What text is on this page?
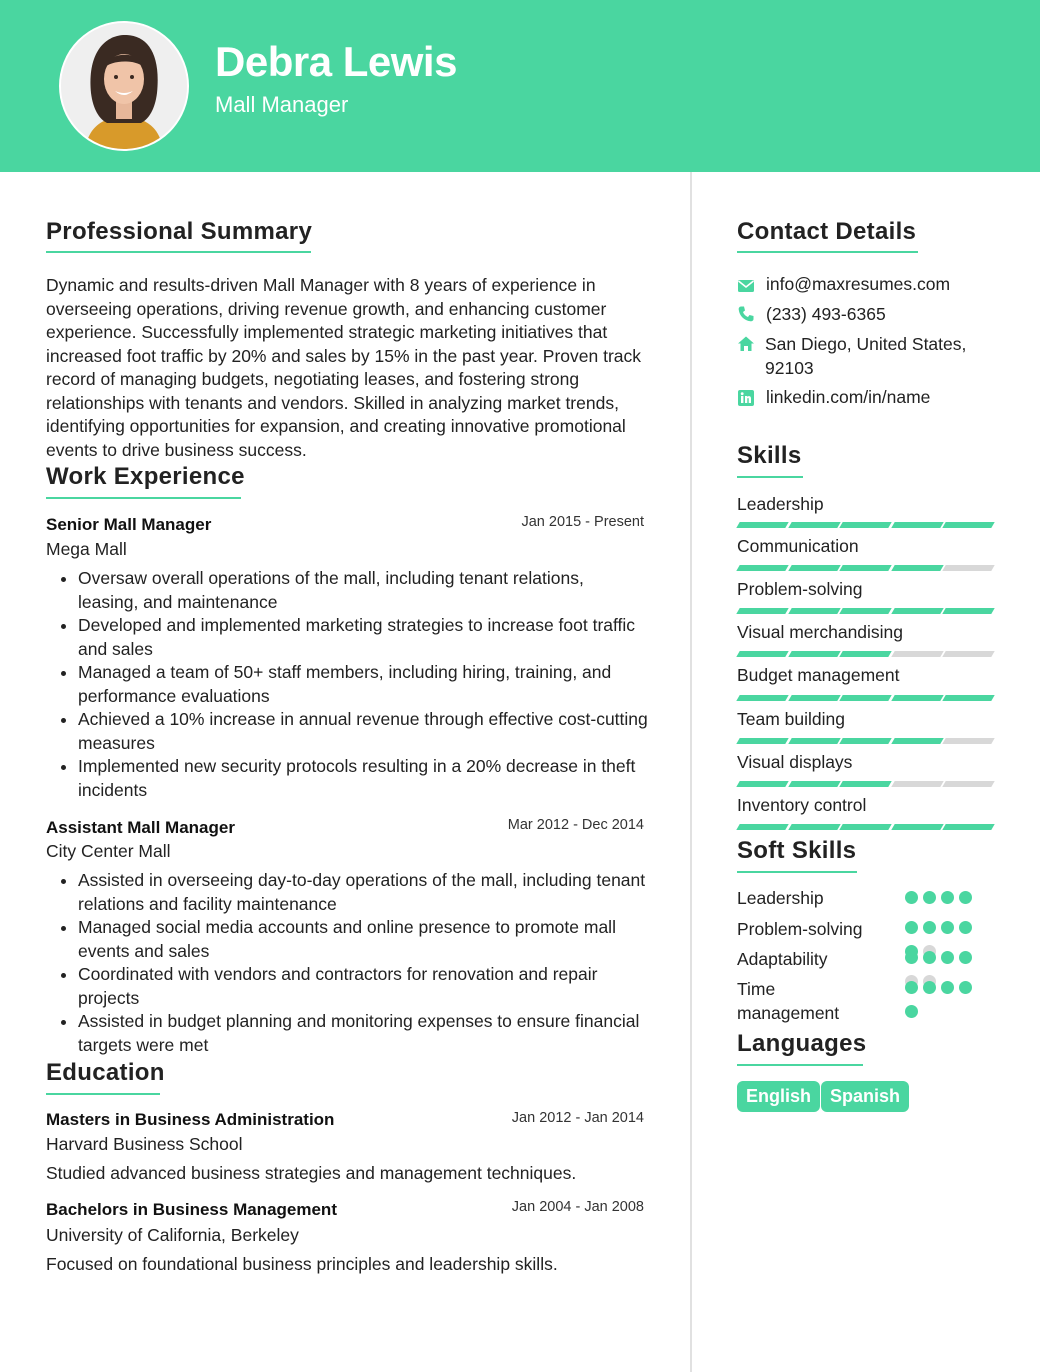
Debra Lewis
Mall Manager
Professional Summary
Dynamic and results-driven Mall Manager with 8 years of experience in overseeing operations, driving revenue growth, and enhancing customer experience. Successfully implemented strategic marketing initiatives that increased foot traffic by 20% and sales by 15% in the past year. Proven track record of managing budgets, negotiating leases, and fostering strong relationships with tenants and vendors. Skilled in analyzing market trends, identifying opportunities for expansion, and creating innovative promotional events to drive business success.
Work Experience
Senior Mall Manager	Jan 2015 - Present
Mega Mall
• Oversaw overall operations of the mall, including tenant relations, leasing, and maintenance
• Developed and implemented marketing strategies to increase foot traffic and sales
• Managed a team of 50+ staff members, including hiring, training, and performance evaluations
• Achieved a 10% increase in annual revenue through effective cost-cutting measures
• Implemented new security protocols resulting in a 20% decrease in theft incidents
Assistant Mall Manager	Mar 2012 - Dec 2014
City Center Mall
• Assisted in overseeing day-to-day operations of the mall, including tenant relations and facility maintenance
• Managed social media accounts and online presence to promote mall events and sales
• Coordinated with vendors and contractors for renovation and repair projects
• Assisted in budget planning and monitoring expenses to ensure financial targets were met
Education
Masters in Business Administration	Jan 2012 - Jan 2014
Harvard Business School
Studied advanced business strategies and management techniques.
Bachelors in Business Management	Jan 2004 - Jan 2008
University of California, Berkeley
Focused on foundational business principles and leadership skills.
Contact Details
info@maxresumes.com
(233) 493-6365
San Diego, United States, 92103
linkedin.com/in/name
Skills
Leadership
Communication
Problem-solving
Visual merchandising
Budget management
Team building
Visual displays
Inventory control
Soft Skills
Leadership
Problem-solving
Adaptability
Time management
Languages
English	Spanish
